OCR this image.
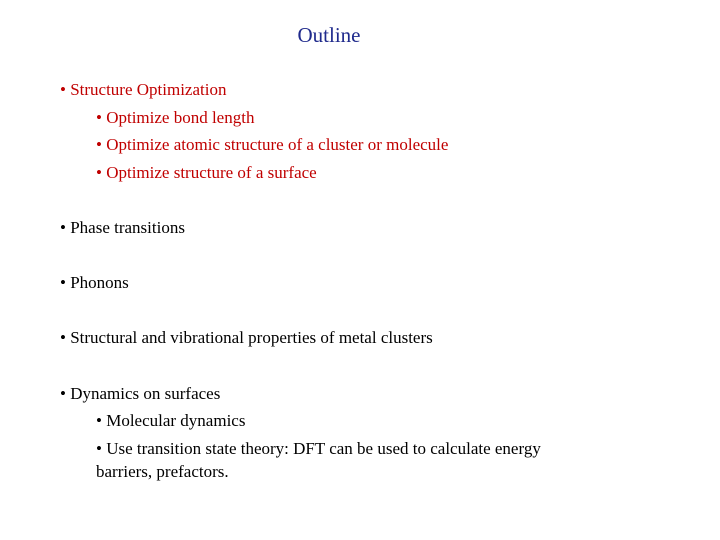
Outline
• Structure Optimization
• Optimize bond length
• Optimize atomic structure of a cluster or molecule
• Optimize structure of a surface
• Phase transitions
• Phonons
• Structural and vibrational properties of metal clusters
• Dynamics on surfaces
• Molecular dynamics
• Use transition state theory: DFT can be used to calculate energy
barriers, prefactors.
